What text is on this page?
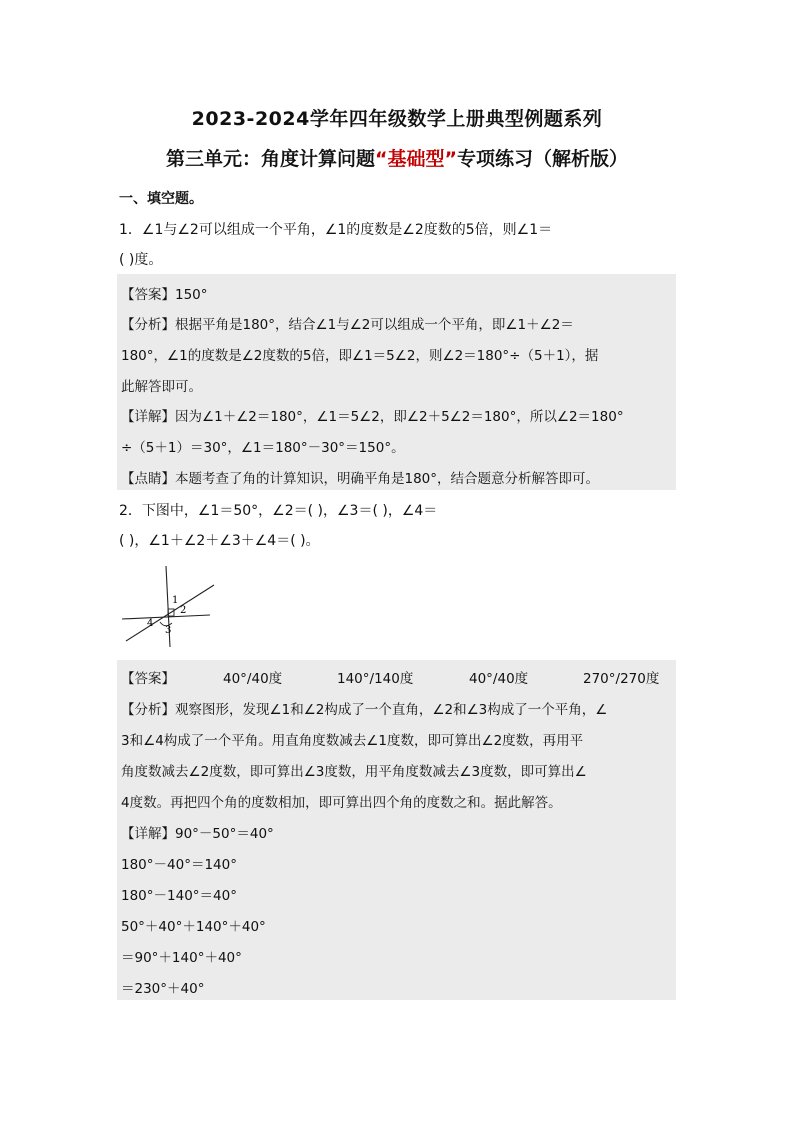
2023-2024学年四年级数学上册典型例题系列
第三单元：角度计算问题“基础型”专项练习（解析版）
一、填空题。
1．∠1与∠2可以组成一个平角，∠1的度数是∠2度数的5倍，则∠1＝
( )度。
【答案】150°
【分析】根据平角是180°，结合∠1与∠2可以组成一个平角，即∠1＋∠2＝
180°，∠1的度数是∠2度数的5倍，即∠1＝5∠2，则∠2＝180°÷（5＋1），据
此解答即可。
【详解】因为∠1＋∠2＝180°，∠1＝5∠2，即∠2＋5∠2＝180°，所以∠2＝180°
÷（5＋1）＝30°，∠1＝180°－30°＝150°。
【点睛】本题考查了角的计算知识，明确平角是180°，结合题意分析解答即可。
2．下图中，∠1＝50°，∠2＝( )，∠3＝( )，∠4＝
( )，∠1＋∠2＋∠3＋∠4＝( )。
1
2
3
4
【答案】	40°/40度	140°/140度	40°/40度	270°/270度
【分析】观察图形，发现∠1和∠2构成了一个直角，∠2和∠3构成了一个平角，∠
3和∠4构成了一个平角。用直角度数减去∠1度数，即可算出∠2度数，再用平
角度数减去∠2度数，即可算出∠3度数，用平角度数减去∠3度数，即可算出∠
4度数。再把四个角的度数相加，即可算出四个角的度数之和。据此解答。
【详解】90°－50°＝40°
180°－40°＝140°
180°－140°＝40°
50°＋40°＋140°＋40°
＝90°＋140°＋40°
＝230°＋40°
